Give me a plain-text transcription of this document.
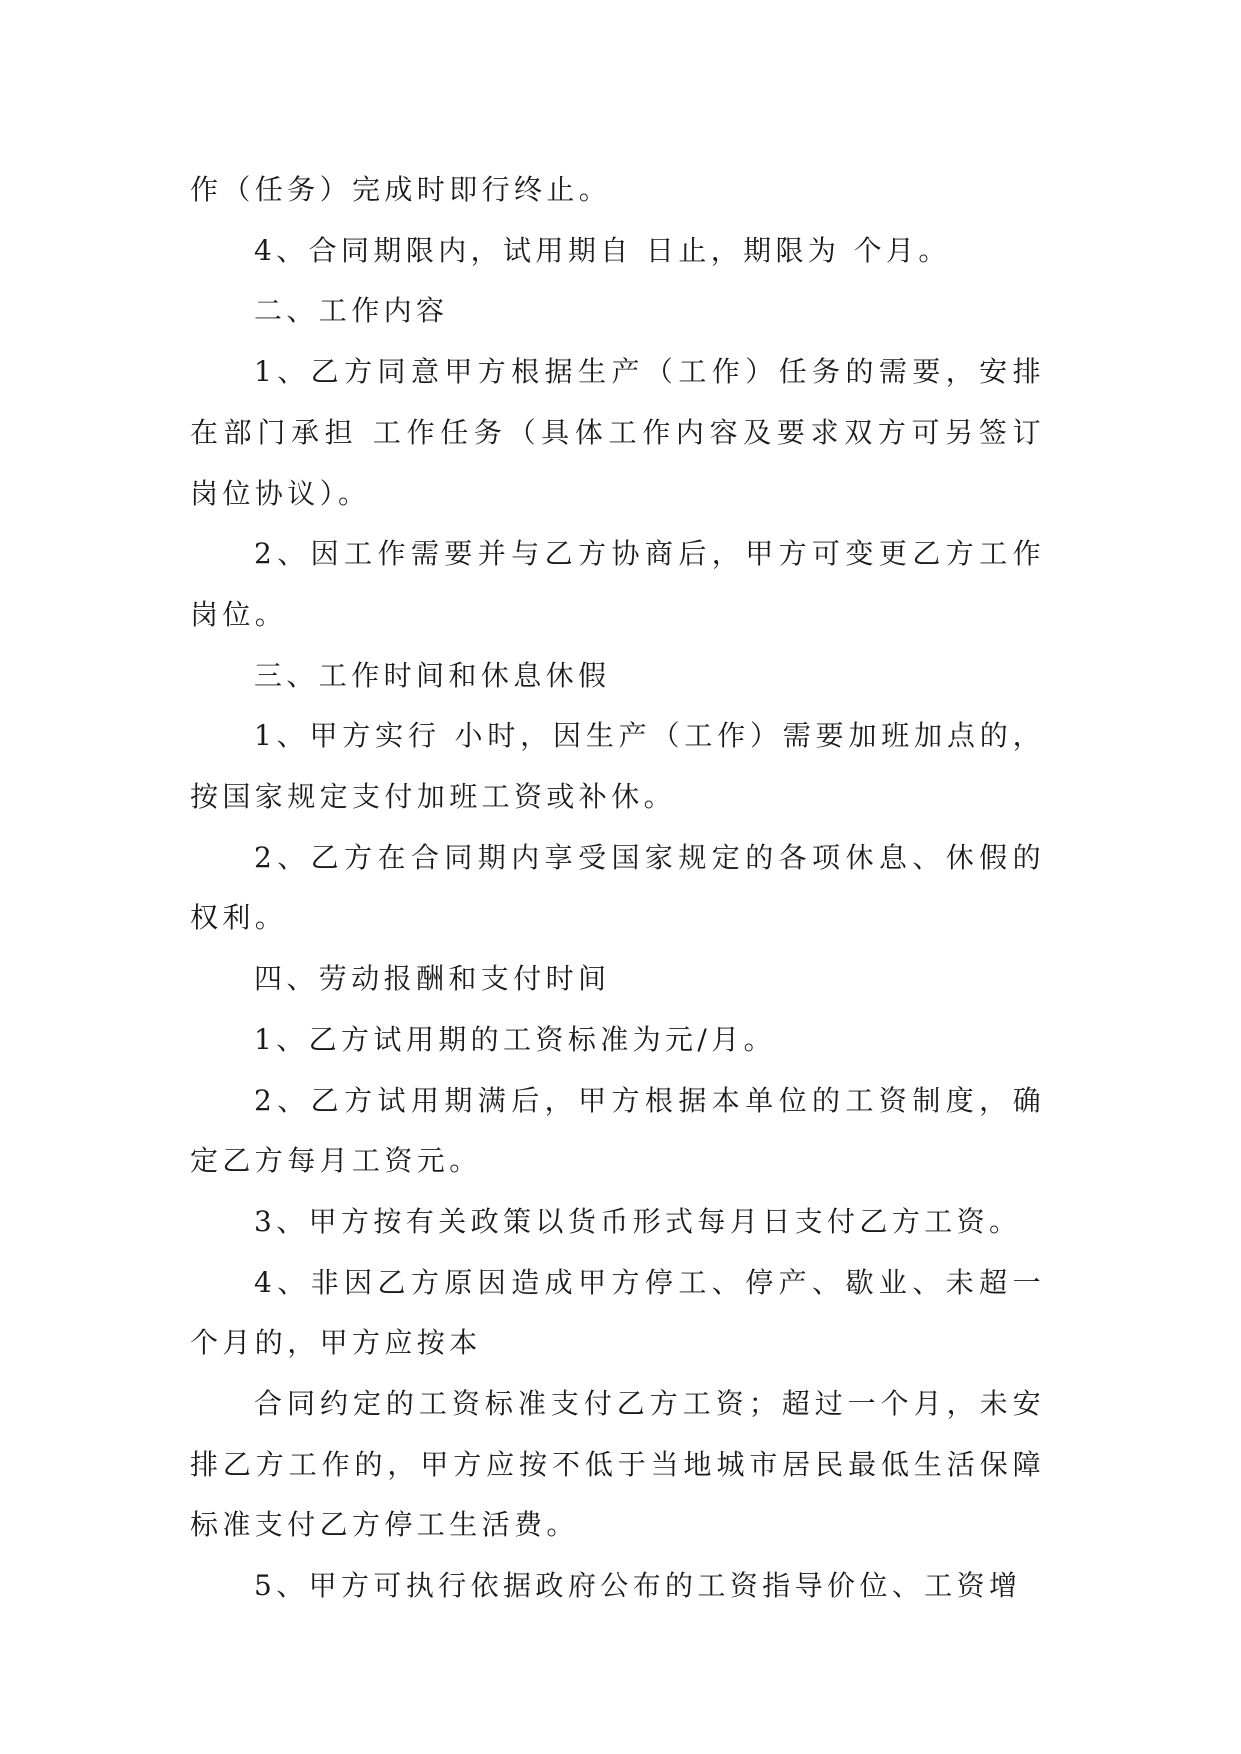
作（任务）完成时即行终止。

4、合同期限内，试用期自 日止，期限为 个月。

二、工作内容

1、乙方同意甲方根据生产（工作）任务的需要，安排在部门承担 工作任务（具体工作内容及要求双方可另签订岗位协议）。

2、因工作需要并与乙方协商后，甲方可变更乙方工作岗位。

三、工作时间和休息休假

1、甲方实行 小时，因生产（工作）需要加班加点的，按国家规定支付加班工资或补休。

2、乙方在合同期内享受国家规定的各项休息、休假的权利。

四、劳动报酬和支付时间

1、乙方试用期的工资标准为元/月。

2、乙方试用期满后，甲方根据本单位的工资制度，确定乙方每月工资元。

3、甲方按有关政策以货币形式每月日支付乙方工资。

4、非因乙方原因造成甲方停工、停产、歇业、未超一个月的，甲方应按本

合同约定的工资标准支付乙方工资；超过一个月，未安排乙方工作的，甲方应按不低于当地城市居民最低生活保障标准支付乙方停工生活费。

5、甲方可执行依据政府公布的工资指导价位、工资增
